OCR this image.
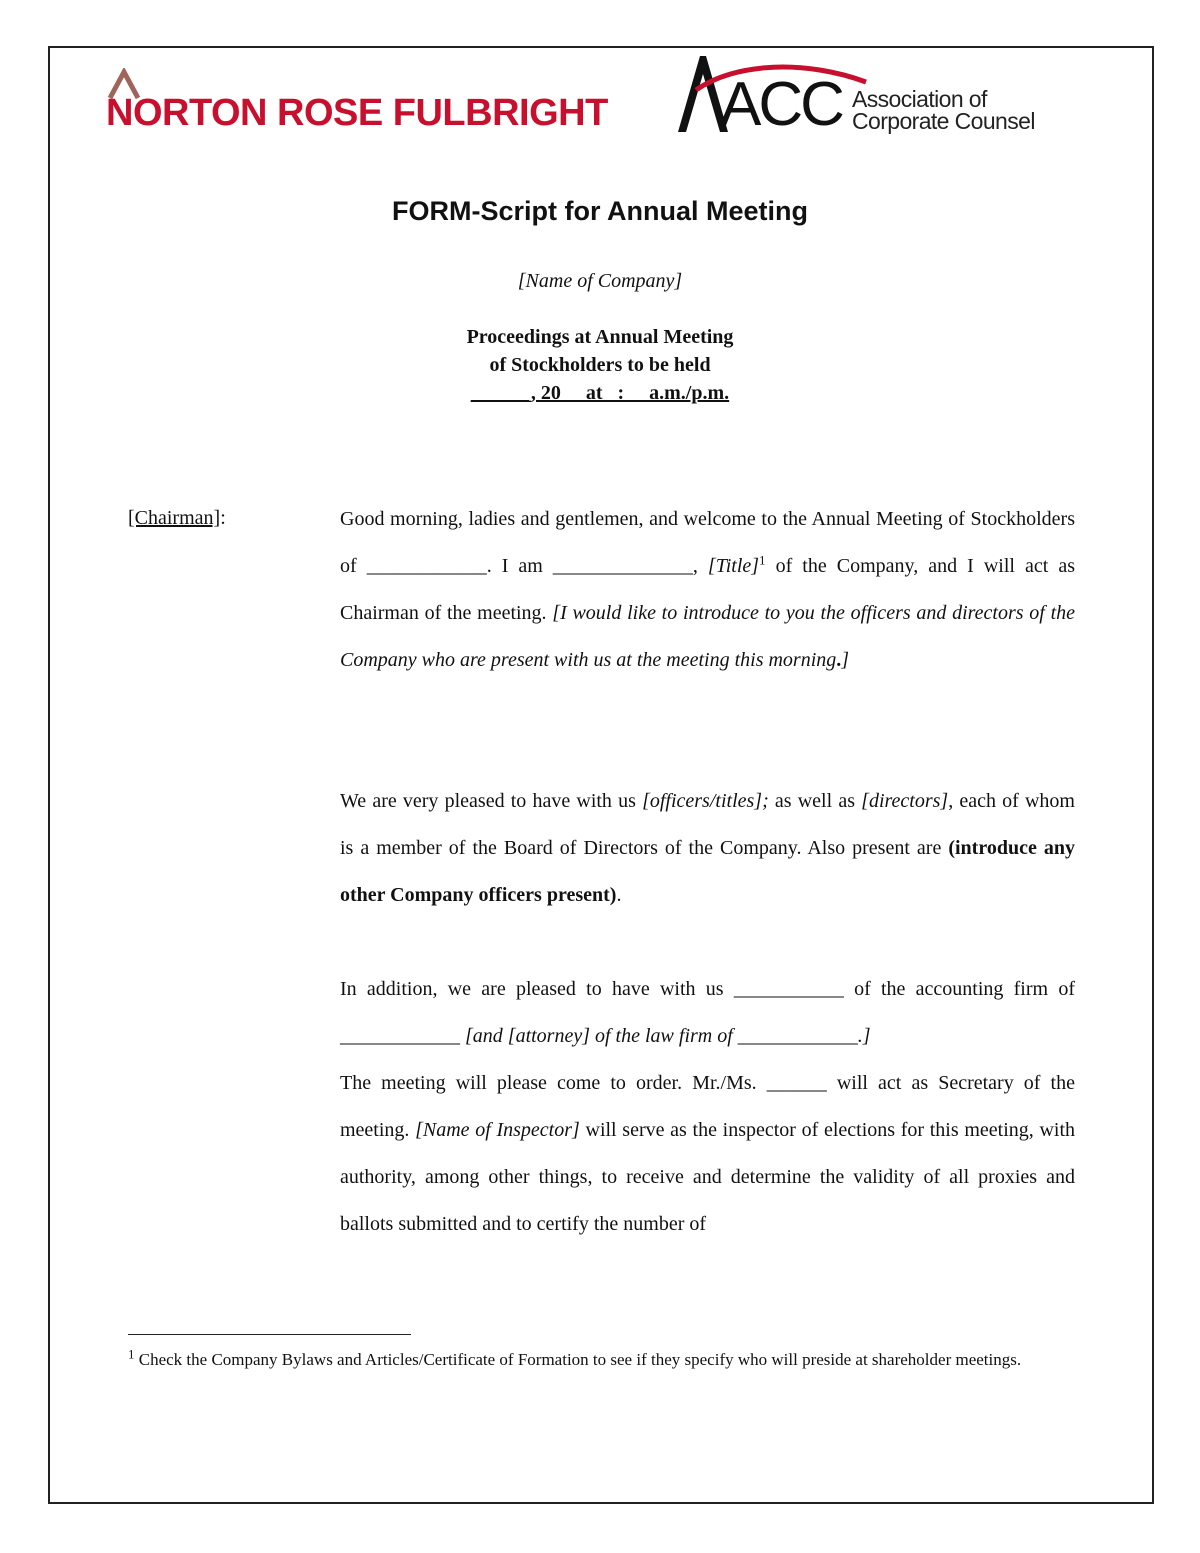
NORTON ROSE FULBRIGHT ACC Association of
Corporate Counsel
FORM-Script for Annual Meeting
[Name of Company]
Proceedings at Annual Meeting
of Stockholders to be held
______, 20__ at _:__ a.m./p.m.
[Chairman]:	Good morning, ladies and gentlemen, and welcome to the Annual Meeting of Stockholders of ____________. I am ______________, [Title]$^1$ of the Company, and I will act as Chairman of the meeting. [I would like to introduce to you the officers and directors of the Company who are present with us at the meeting this morning.]
We are very pleased to have with us [officers/titles]; as well as [directors], each of whom is a member of the Board of Directors of the Company. Also present are (introduce any other Company officers present).
In addition, we are pleased to have with us ___________ of the accounting firm of ____________ [and [attorney] of the law firm of ____________.]
The meeting will please come to order. Mr./Ms. ______ will act as Secretary of the meeting. [Name of Inspector] will serve as the inspector of elections for this meeting, with authority, among other things, to receive and determine the validity of all proxies and ballots submitted and to certify the number of
$^1$ Check the Company Bylaws and Articles/Certificate of Formation to see if they specify who will preside at shareholder meetings.
